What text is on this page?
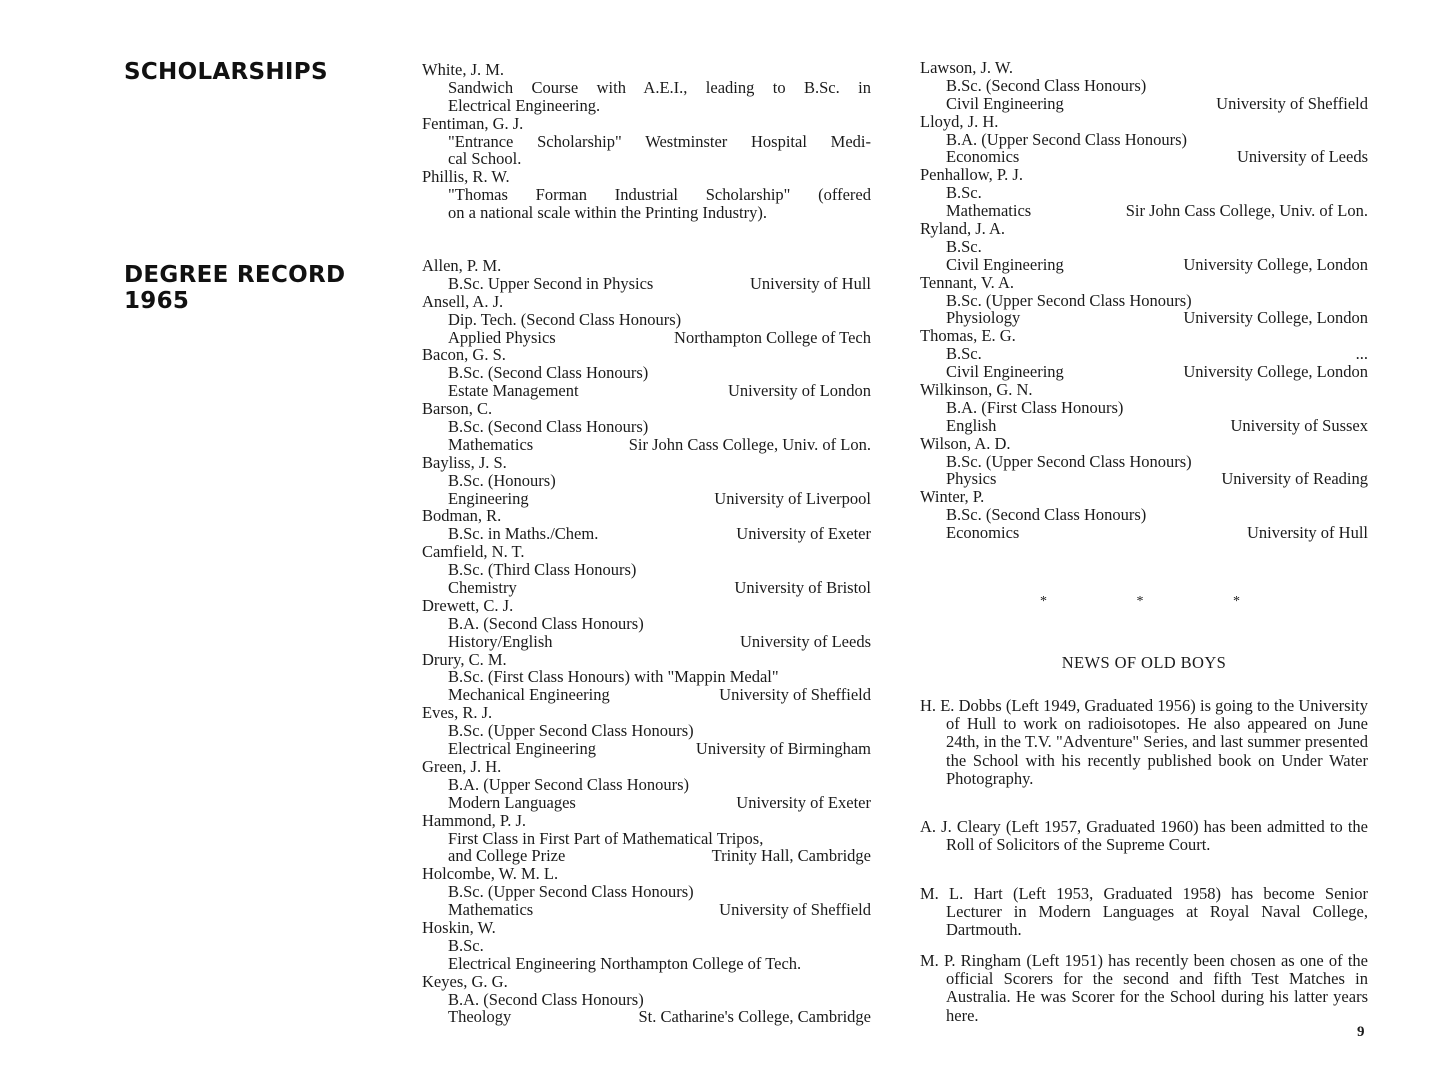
SCHOLARSHIPS
DEGREE RECORD
1965
White, J. M.
Sandwich Course with A.E.I., leading to B.Sc. in
Electrical Engineering.
Fentiman, G. J.
"Entrance Scholarship" Westminster Hospital Medi-
cal School.
Phillis, R. W.
"Thomas Forman Industrial Scholarship" (offered
on a national scale within the Printing Industry).
Allen, P. M.
B.Sc. Upper Second in Physics	University of Hull
Ansell, A. J.
Dip. Tech. (Second Class Honours)
Applied Physics	Northampton College of Tech
Bacon, G. S.
B.Sc. (Second Class Honours)
Estate Management	University of London
Barson, C.
B.Sc. (Second Class Honours)
Mathematics	Sir John Cass College, Univ. of Lon.
Bayliss, J. S.
B.Sc. (Honours)
Engineering	University of Liverpool
Bodman, R.
B.Sc. in Maths./Chem.	University of Exeter
Camfield, N. T.
B.Sc. (Third Class Honours)
Chemistry	University of Bristol
Drewett, C. J.
B.A. (Second Class Honours)
History/English	University of Leeds
Drury, C. M.
B.Sc. (First Class Honours) with "Mappin Medal"
Mechanical Engineering	University of Sheffield
Eves, R. J.
B.Sc. (Upper Second Class Honours)
Electrical Engineering	University of Birmingham
Green, J. H.
B.A. (Upper Second Class Honours)
Modern Languages	University of Exeter
Hammond, P. J.
First Class in First Part of Mathematical Tripos,
and College Prize	Trinity Hall, Cambridge
Holcombe, W. M. L.
B.Sc. (Upper Second Class Honours)
Mathematics	University of Sheffield
Hoskin, W.
B.Sc.
Electrical Engineering Northampton College of Tech.
Keyes, G. G.
B.A. (Second Class Honours)
Theology	St. Catharine's College, Cambridge
Lawson, J. W.
B.Sc. (Second Class Honours)
Civil Engineering	University of Sheffield
Lloyd, J. H.
B.A. (Upper Second Class Honours)
Economics	University of Leeds
Penhallow, P. J.
B.Sc.
Mathematics	Sir John Cass College, Univ. of Lon.
Ryland, J. A.
B.Sc.
Civil Engineering	University College, London
Tennant, V. A.
B.Sc. (Upper Second Class Honours)
Physiology	University College, London
Thomas, E. G.
B.Sc.	...
Civil Engineering	University College, London
Wilkinson, G. N.
B.A. (First Class Honours)
English	University of Sussex
Wilson, A. D.
B.Sc. (Upper Second Class Honours)
Physics	University of Reading
Winter, P.
B.Sc. (Second Class Honours)
Economics	University of Hull
*	*	*
NEWS OF OLD BOYS
H. E. Dobbs (Left 1949, Graduated 1956) is going to the University of Hull to work on radioisotopes. He also appeared on June 24th, in the T.V. "Adventure" Series, and last summer presented the School with his recently published book on Under Water Photography.
A. J. Cleary (Left 1957, Graduated 1960) has been admitted to the Roll of Solicitors of the Supreme Court.
M. L. Hart (Left 1953, Graduated 1958) has become Senior Lecturer in Modern Languages at Royal Naval College, Dartmouth.
M. P. Ringham (Left 1951) has recently been chosen as one of the official Scorers for the second and fifth Test Matches in Australia. He was Scorer for the School during his latter years here.
9
